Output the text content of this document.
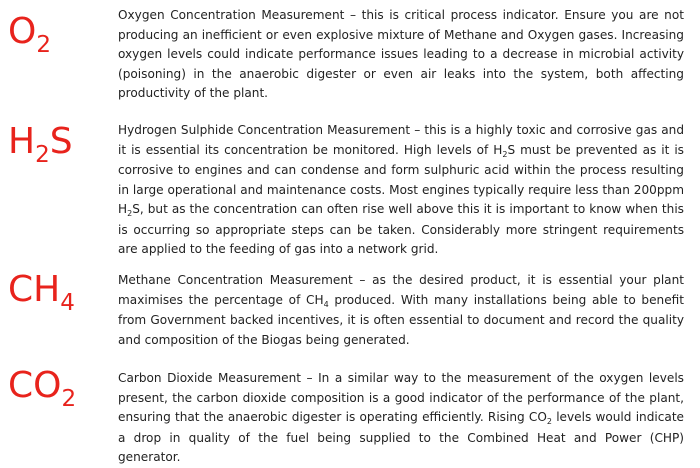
$O_2$

Oxygen Concentration Measurement – this is critical process indicator. Ensure you are not producing an inefficient or even explosive mixture of Methane and Oxygen gases. Increasing oxygen levels could indicate performance issues leading to a decrease in microbial activity (poisoning) in the anaerobic digester or even air leaks into the system, both affecting productivity of the plant.

$H_2S$	Hydrogen Sulphide Concentration Measurement – this is a highly toxic and corrosive gas and it is essential its concentration be monitored. High levels of $H_2S$ must be prevented as it is corrosive to engines and can condense and form sulphuric acid within the process resulting in large operational and maintenance costs. Most engines typically require less than 200ppm $H_2S$, but as the concentration can often rise well above this it is important to know when this is occurring so appropriate steps can be taken. Considerably more stringent requirements are applied to the feeding of gas into a network grid.

$CH_4$

Methane Concentration Measurement – as the desired product, it is essential your plant maximises the percentage of $CH_4$ produced. With many installations being able to benefit from Government backed incentives, it is often essential to document and record the quality and composition of the Biogas being generated.

$CO_2$

Carbon Dioxide Measurement – In a similar way to the measurement of the oxygen levels present, the carbon dioxide composition is a good indicator of the performance of the plant, ensuring that the anaerobic digester is operating efficiently. Rising $CO_2$ levels would indicate a drop in quality of the fuel being supplied to the Combined Heat and Power (CHP) generator.
